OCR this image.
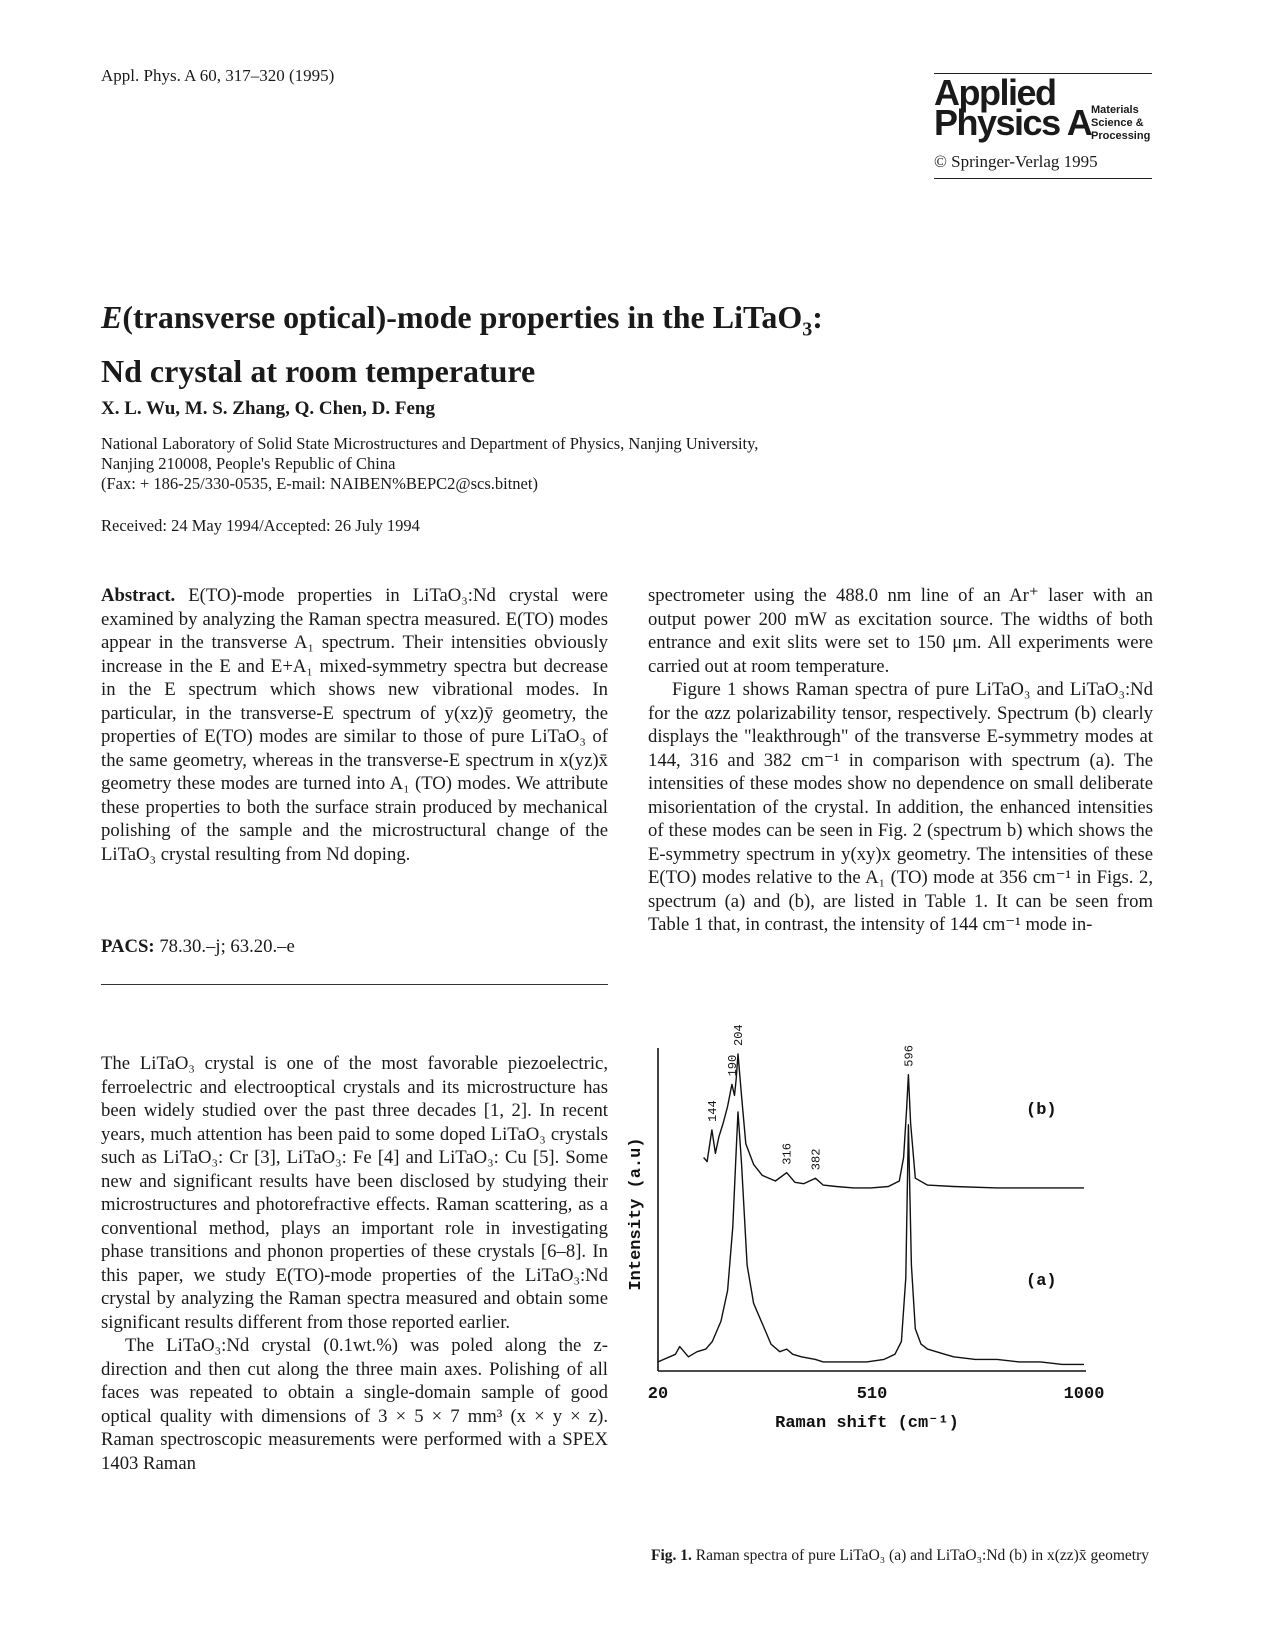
Appl. Phys. A 60, 317–320 (1995)	Applied
Physics A Materials
Science &
Processing
© Springer-Verlag 1995
E(transverse optical)-mode properties in the LiTaO$_3$:
Nd crystal at room temperature
X. L. Wu, M. S. Zhang, Q. Chen, D. Feng
National Laboratory of Solid State Microstructures and Department of Physics, Nanjing University,
Nanjing 210008, People's Republic of China
(Fax: + 186-25/330-0535, E-mail: NAIBEN%BEPC2@scs.bitnet)
Received: 24 May 1994/Accepted: 26 July 1994

Abstract. E(TO)-mode properties in LiTaO₃:Nd crystal were examined by analyzing the Raman spectra measured. E(TO) modes appear in the transverse A₁ spectrum. Their intensities obviously increase in the E and E+A₁ mixed-symmetry spectra but decrease in the E spectrum which shows new vibrational modes. In particular, in the transverse-E spectrum of y(xz)ȳ geometry, the properties of E(TO) modes are similar to those of pure LiTaO₃ of the same geometry, whereas in the transverse-E spectrum in x(yz)x̄ geometry these modes are turned into A₁ (TO) modes. We attribute these properties to both the surface strain produced by mechanical polishing of the sample and the microstructural change of the LiTaO₃ crystal resulting from Nd doping.

PACS: 78.30.–j; 63.20.–e

The LiTaO₃ crystal is one of the most favorable piezoelectric, ferroelectric and electrooptical crystals and its microstructure has been widely studied over the past three decades [1, 2]. In recent years, much attention has been paid to some doped LiTaO₃ crystals such as LiTaO₃: Cr [3], LiTaO₃: Fe [4] and LiTaO₃: Cu [5]. Some new and significant results have been disclosed by studying their microstructures and photorefractive effects. Raman scattering, as a conventional method, plays an important role in investigating phase transitions and phonon properties of these crystals [6–8]. In this paper, we study E(TO)-mode properties of the LiTaO₃:Nd crystal by analyzing the Raman spectra measured and obtain some significant results different from those reported earlier.

The LiTaO₃:Nd crystal (0.1wt.%) was poled along the z-direction and then cut along the three main axes. Polishing of all faces was repeated to obtain a single-domain sample of good optical quality with dimensions of 3 × 5 × 7 mm³ (x × y × z). Raman spectroscopic measurements were performed with a SPEX 1403 Raman

spectrometer using the 488.0 nm line of an Ar⁺ laser with an output power 200 mW as excitation source. The widths of both entrance and exit slits were set to 150 μm. All experiments were carried out at room temperature.

Figure 1 shows Raman spectra of pure LiTaO₃ and LiTaO₃:Nd for the αzz polarizability tensor, respectively. Spectrum (b) clearly displays the "leakthrough" of the transverse E-symmetry modes at 144, 316 and 382 cm⁻¹ in comparison with spectrum (a). The intensities of these modes show no dependence on small deliberate misorientation of the crystal. In addition, the enhanced intensities of these modes can be seen in Fig. 2 (spectrum b) which shows the E-symmetry spectrum in y(xy)x geometry. The intensities of these E(TO) modes relative to the A₁ (TO) mode at 356 cm⁻¹ in Figs. 2, spectrum (a) and (b), are listed in Table 1. It can be seen from Table 1 that, in contrast, the intensity of 144 cm⁻¹ mode in-

Intensity (a.u)
20	510	1000
Raman shift (cm⁻¹)
(b)
(a)
144
190
204
316 382
596
Fig. 1. Raman spectra of pure LiTaO₃ (a) and LiTaO₃:Nd (b) in x(zz)x̄ geometry
